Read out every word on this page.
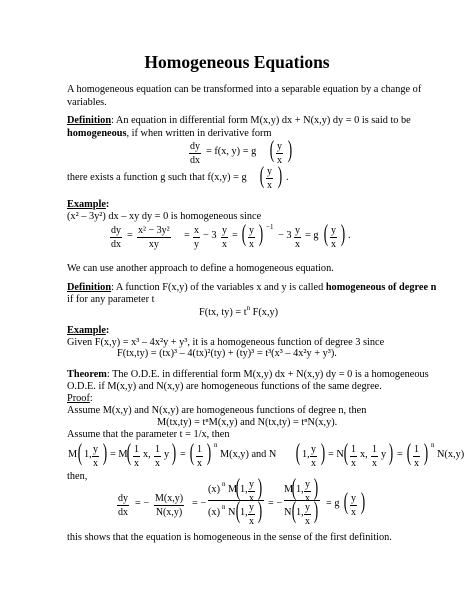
Homogeneous Equations
A homogeneous equation can be transformed into a separable equation by a change of
variables.
Definition: An equation in differential form M(x,y) dx + N(x,y) dy = 0 is said to be
homogeneous, if when written in derivative form
$\frac{dy}{dx} = f(x$, y) = g ( $\frac{y}{x}$ )
there exists a function g such that f(x,y) = g ( $\frac{y}{x}$ ) .
Example:
(x² – 3y²) dx – xy dy = 0 is homogeneous since
$\frac{dy}{dx} = \frac{\text{x² − 3y²}}{xy} = \frac{x}{y} - 3 \frac{y}{x}$ = ( $\frac{y}{x}$ ) −1
− $3 \frac{y}{x} = g$ ( $\frac{y}{x}$ ) .
We can use another approach to define a homogeneous equation.
Definition: A function F(x,y) of the variables x and y is called homogeneous of degree n
if for any parameter t
F(tx, $ty) = t^n$ F(x,y)
Example:
Given F(x,y) = x³ – 4x²y + y³, it is a homogeneous function of degree 3 since
F(tx,ty) = (tx)³ – 4(tx)²(ty) + (ty)³ = t³(x³ – 4x²y + y³).
Theorem: The O.D.E. in differential form M(x,y) dx + N(x,y) dy = 0 is a homogeneous
O.D.E. if M(x,y) and N(x,y) are homogeneous functions of the same degree.
Proof:
Assume M(x,y) and N(x,y) are homogeneous functions of degree n, then
M(tx,ty) = tⁿM(x,y) and N(tx,ty) = tⁿN(x,y).
Assume that the parameter t = 1/x, then
M ( 1, $\frac{y}{x}$ ) = M ( $\frac{1}{x} x$, $\frac{1}{x}$ y ) = ( $\frac{1}{x}$ ) n
M(x,y) and N ( 1, $\frac{y}{x}$ ) = N ( $\frac{1}{x} x$, $\frac{1}{x}$ y ) = ( $\frac{1}{x}$ ) n
N(x,y)
then,
$\frac{dy}{dx}$ = − $\frac{M(x,y)}{N(x,y)}$ = −
(x) n M
( 1, $\frac{y}{x}$ )
(x) n N ( 1, $\frac{y}{x}$ ) = −
M
( 1, $\frac{y}{x}$ )
N ( 1, $\frac{y}{x}$ ) = g ( $\frac{y}{x}$ )
this shows that the equation is homogeneous in the sense of the first definition.
